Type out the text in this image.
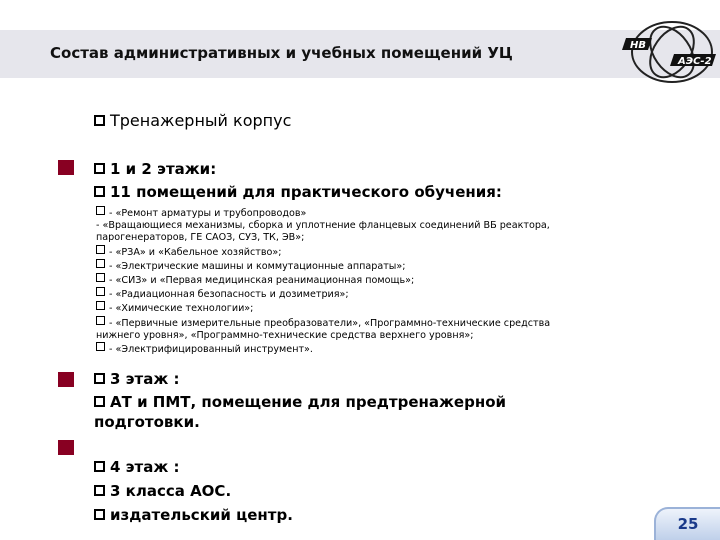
Состав административных и учебных помещений УЦ	НВ
АЭС-2
Тренажерный корпус
1 и 2 этажи:
11 помещений для практического обучения:
- «Ремонт арматуры и трубопроводов»
- «Вращающиеся механизмы, сборка и уплотнение фланцевых соединений ВБ реактора,
парогенераторов, ГЕ САОЗ, СУЗ, ТК, ЭВ»;
- «РЗА» и «Кабельное хозяйство»;
- «Электрические машины и коммутационные аппараты»;
- «СИЗ» и «Первая медицинская реанимационная помощь»;
- «Радиационная безопасность и дозиметрия»;
- «Химические технологии»;
- «Первичные измерительные преобразователи», «Программно-технические средства
нижнего уровня», «Программно-технические средства верхнего уровня»;
- «Электрифицированный инструмент».
3 этаж :
АТ и ПМТ, помещение для предтренажерной
подготовки.
4 этаж :
3 класса АОС.
издательский центр.	25
